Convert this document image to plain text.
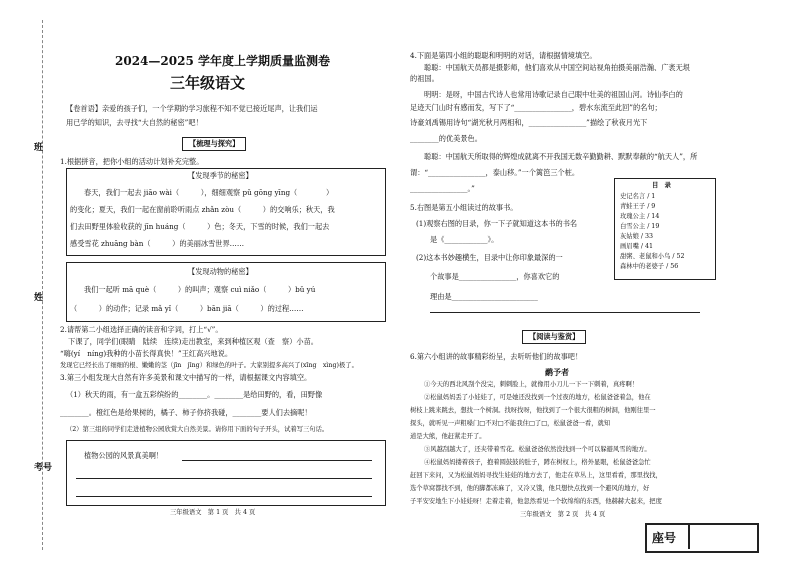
班
姓
考号
2024—2025 学年度上学期质量监测卷
三年级语文
【卷首语】亲爱的孩子们，一个学期的学习旅程不知不觉已接近尾声，让我们运
用已学的知识，去寻找“大自然的秘密”吧！
【梳理与探究】
1.根据拼音，把你小组的活动计划补充完整。
【发现季节的秘密】
春天，我们一起去 jiāo wài（　　　），细细观察 pǔ gōng yīng（　　　　）
的变化；夏天，我们一起在窗前聆听雨点 zhǎn zòu（　　　）的交响乐；秋天，我
们去田野里体验收获的 jīn huáng（　　　）色；冬天，下雪的时候，我们一起去
感受雪花 zhuāng bàn（　　　）的美丽冰雪世界……
【发现动物的秘密】
我们一起听 mā què（　　　）的叫声；观察 cuì niǎo（　　　）bǔ yú
（　　　）的动作；记录 mǎ yǐ（　　　）bān jiā（　　　）的过程……
2.请帮第二小组选择正确的读音和字词，打上“√”。
下课了，同学们(眼睛　陆续　连续)走出教室，来到种植区观（查　察）小苗。
“嗨(yí　níng)我种的小苗长得真快！”王红高兴地说。
发现它已经长出了细细的根、嫩嫩的茎（jīn　jīng）和绿色的叶子。大家别提多高兴了(xīng　xìng)极了。
3.第三小组发现大自然有许多美景和课文中描写的一样，请根据课文内容填空。
（1）秋天的雨，有一盒五彩缤纷的________。________是给田野的，看，田野像
________。橙红色是给果树的，橘子、柿子你挤我碰，________要人们去摘呢！
（2）第三组的同学们走进植物公园欣赏大自然美景。请你用下面的句子开头，试着写三句话。
植物公园的风景真美啊！
三年级语文　第 1 页　共 4 页
4.下面是第四小组的聪聪和明明的对话，请根据情境填空。
聪聪：中国航天员都是摄影师，他们喜欢从中国空间站视角拍摄美丽浩瀚、广袤无垠
的祖国。
明明：是呀，中国古代诗人也常用诗歌记录自己眼中壮美的祖国山河。诗仙李白的
足迹天门山时有感而发，写下了“________________，碧水东流至此回”的名句；
诗豪刘禹锡用诗句“湖光秋月两相和，________________”描绘了秋夜月光下
________的优美景色。
聪聪：中国航天所取得的辉煌成就离不开我国无数辛勤勤耕、默默奉献的“航天人”，所
谓：“________________，泰山移。”一个篱笆三个桩。
________________。”
5.右图是第五小组读过的故事书。
(1)观察右图的目录，你一下子就知道这本书的书名
是《____________》。
(2)这本书妙趣横生，目录中让你印象最深的一
个故事是________________，你喜欢它的
理由是________________________
目　录
史记名言 / 1
青蛙王子 / 9
玫瑰公主 / 14
白雪公主 / 19
灰姑娘 / 33
画眉嘴 / 41
甜粥、老鼠和小鸟 / 52
森林中的老婆子 / 56
【阅读与鉴赏】
6.第六小组讲的故事精彩纷呈，去听听他们的故事吧！
鹬予者
①今天的西北风刮个没完，刺刺脸上，就像用小刀儿一下一下刺着，真疼啊！
②松鼠妈妈丢了小娃娃了，可是她还没找到一个过夜的地方，松鼠爸爸着急，他在
树枝上跳来跳去，想找一个树洞。找呀找呀，他找到了一个很大很粗的树洞，他刚往里一
探头，就听见一声粗嗓门□不对□不能我住□了□，松鼠爸爸一看，就知
道是大熊，他赶紧走开了。
③风越刮越大了，还夹带着雪花。松鼠爸爸依然没找到一个可以躲避风雪的地方。
④松鼠妈妈搂着孩子，抱着圆鼓鼓的肚子，蹲在树杈上，格外显眼，松鼠爸爸急忙
赶回下来问，又为松鼠妈妈寻找生娃娃的地方去了，他走在草丛上，这里看看，那里找找，
选个草窝都找不到，他的脚都冻麻了，又冷又饿，他只想快点找到一个避风的地方，好
子平安安地生下小娃娃呀！走着走着，他忽然看见一个软绵绵的东西，他赫赫大起来，把度
三年级语文　第 2 页　共 4 页
座号
